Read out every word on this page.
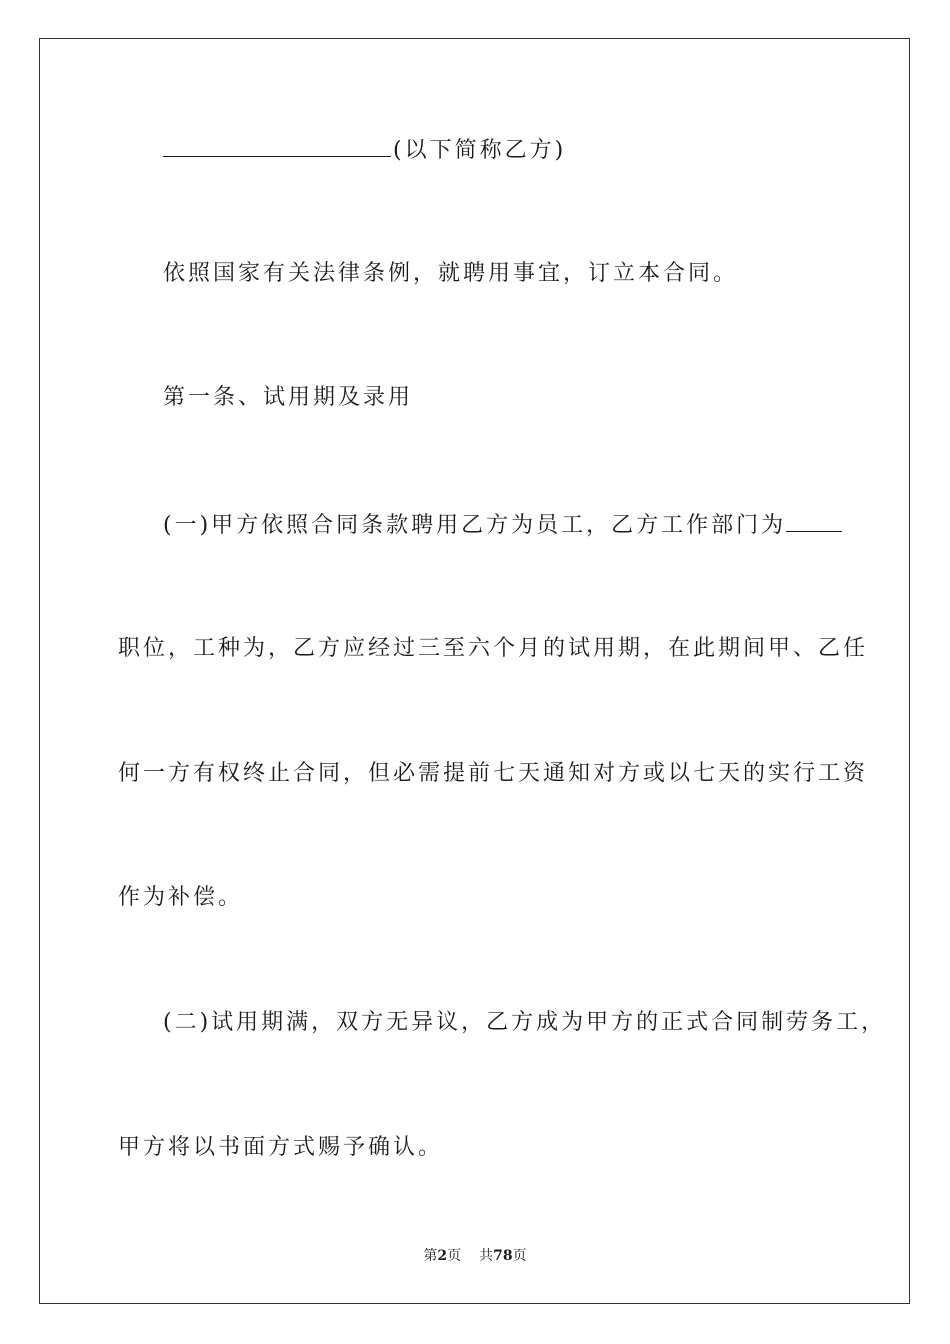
(以下简称乙方)
依照国家有关法律条例，就聘用事宜，订立本合同。
第一条、试用期及录用
(一)甲方依照合同条款聘用乙方为员工，乙方工作部门为
职位，工种为，乙方应经过三至六个月的试用期，在此期间甲、乙任
何一方有权终止合同，但必需提前七天通知对方或以七天的实行工资
作为补偿。
(二)试用期满，双方无异议，乙方成为甲方的正式合同制劳务工，
甲方将以书面方式赐予确认。
第2页 共78页
